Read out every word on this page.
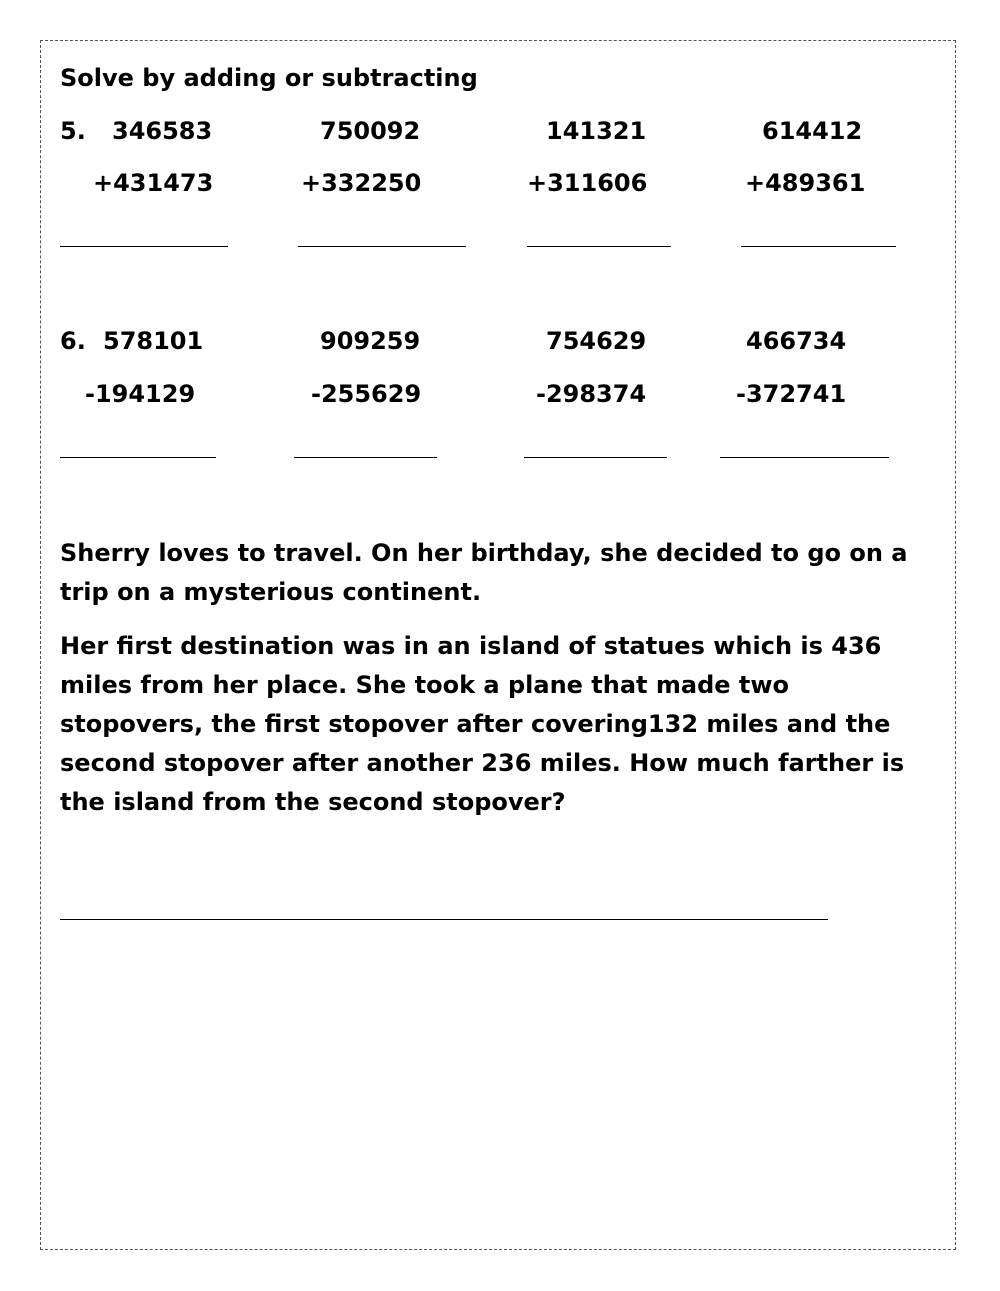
Solve by adding or subtracting
5. 346583	750092	141321	614412
+431473	+332250	+311606	+489361
6. 578101	909259	754629	466734
-194129	-255629	-298374	-372741
Sherry loves to travel. On her birthday, she decided to go on a trip on a mysterious continent.
Her first destination was in an island of statues which is 436 miles from her place. She took a plane that made two stopovers, the first stopover after covering132 miles and the second stopover after another 236 miles. How much farther is the island from the second stopover?
